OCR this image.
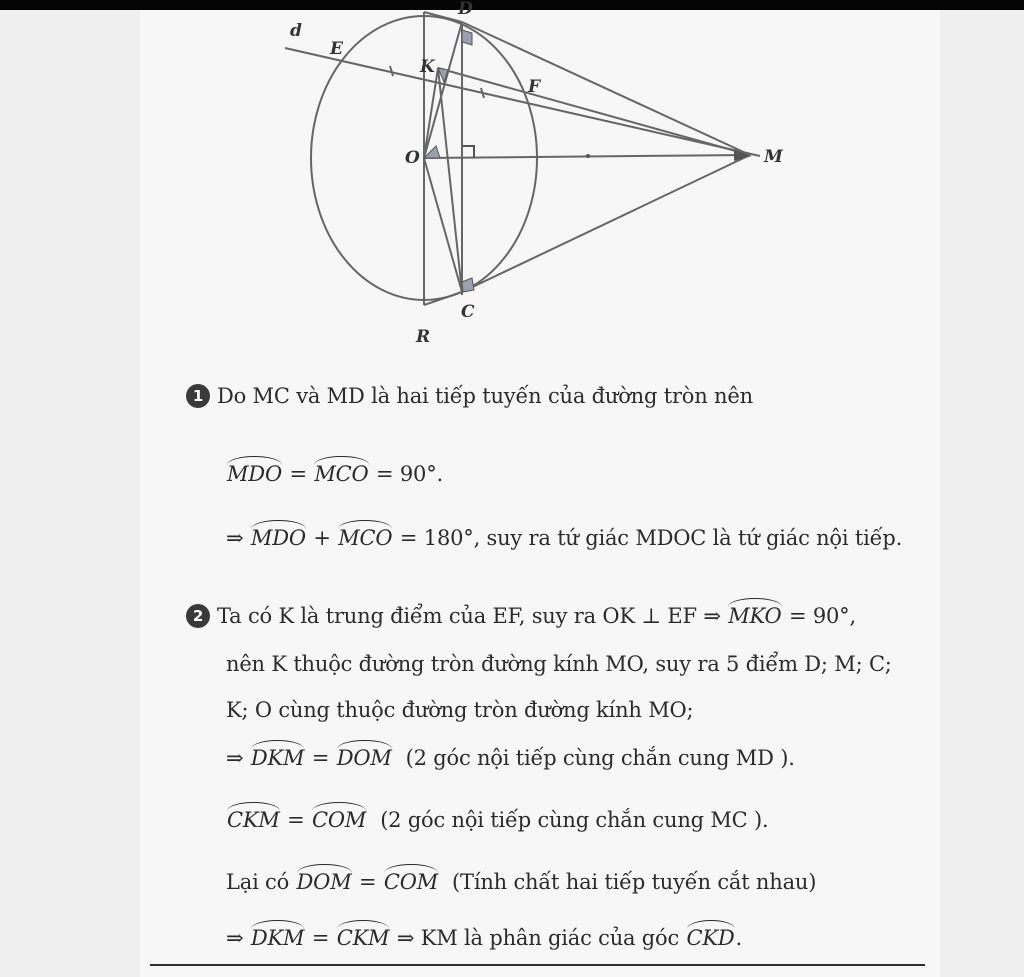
d
E
D
K
F
O	M
C
R
1 Do MC và MD là hai tiếp tuyến của đường tròn nên
MDO = MCO = 90°.
⇒ MDO + MCO = 180°, suy ra tứ giác MDOC là tứ giác nội tiếp.
2 Ta có K là trung điểm của EF, suy ra OK ⊥ EF ⇒ MKO = 90°,
nên K thuộc đường tròn đường kính MO, suy ra 5 điểm D; M; C;
K; O cùng thuộc đường tròn đường kính MO;
⇒ DKM = DOM (2 góc nội tiếp cùng chắn cung MD ).
CKM = COM (2 góc nội tiếp cùng chắn cung MC ).
Lại có DOM = COM (Tính chất hai tiếp tuyến cắt nhau)
⇒ DKM = CKM ⇒ KM là phân giác của góc CKD.
